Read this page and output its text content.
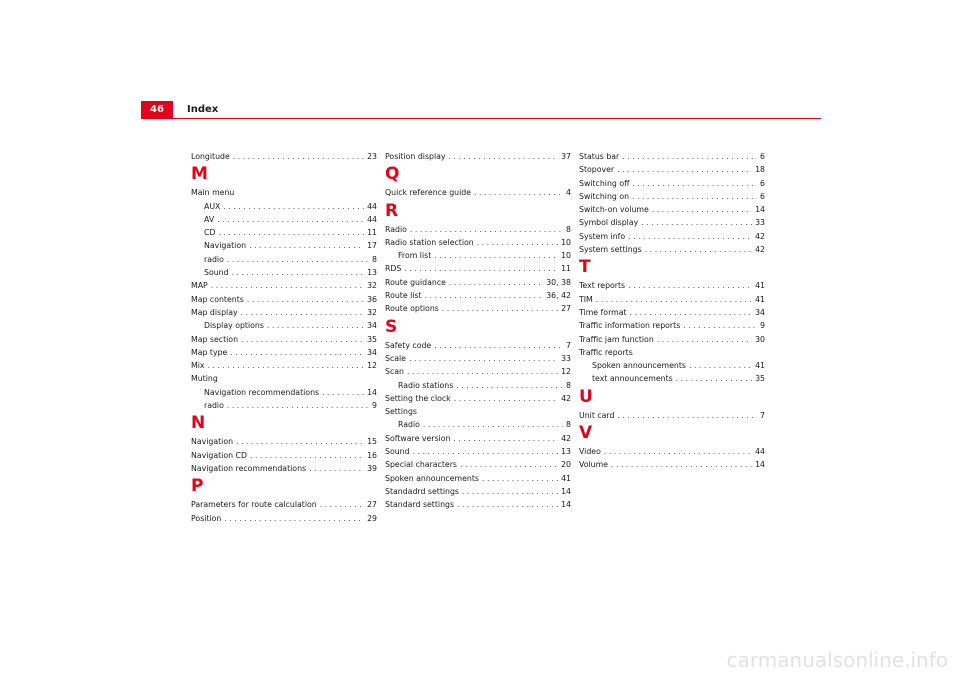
46	Index
Longitude . . .	23
M
Main menu
AUX . . .	44
AV . . .	44
CD . . .	11
Navigation . . .	17
radio . . .	8
Sound . . .	13
MAP . . .	32
Map contents . . .	36
Map display . . .	32
Display options . . .	34
Map section . . .	35
Map type . . .	34
Mix . . .	12
Muting
Navigation recommendations . . .	14
radio . . .	9
N
Navigation . . .	15
Navigation CD . . .	16
Navigation recommendations . . .	39
P
Parameters for route calculation . . .	27
Position . . .	29
Position display . . .	37
Q
Quick reference guide . . .	4
R
Radio . . .	8
Radio station selection . . .	10
From list . . .	10
RDS . . .	11
Route guidance . . .	30, 38
Route list . . .	36, 42
Route options . . .	27
S
Safety code . . .	7
Scale . . .	33
Scan . . .	12
Radio stations . . .	8
Setting the clock . . .	42
Settings
Radio . . .	8
Software version . . .	42
Sound . . .	13
Special characters . . .	20
Spoken announcements . . .	41
Standadrd settings . . .	14
Standard settings . . .	14
Status bar . . .	6
Stopover . . .	18
Switching off . . .	6
Switching on . . .	6
Switch-on volume . . .	14
Symbol display . . .	33
System info . . .	42
System settings . . .	42
T
Text reports . . .	41
TIM . . .	41
Time format . . .	34
Traffic information reports . . .	9
Traffic jam function . . .	30
Traffic reports
Spoken announcements . . .	41
text announcements . . .	35
U
Unit card . . .	7
V
Video . . .	44
Volume . . .	14
carmanualsonline.info
